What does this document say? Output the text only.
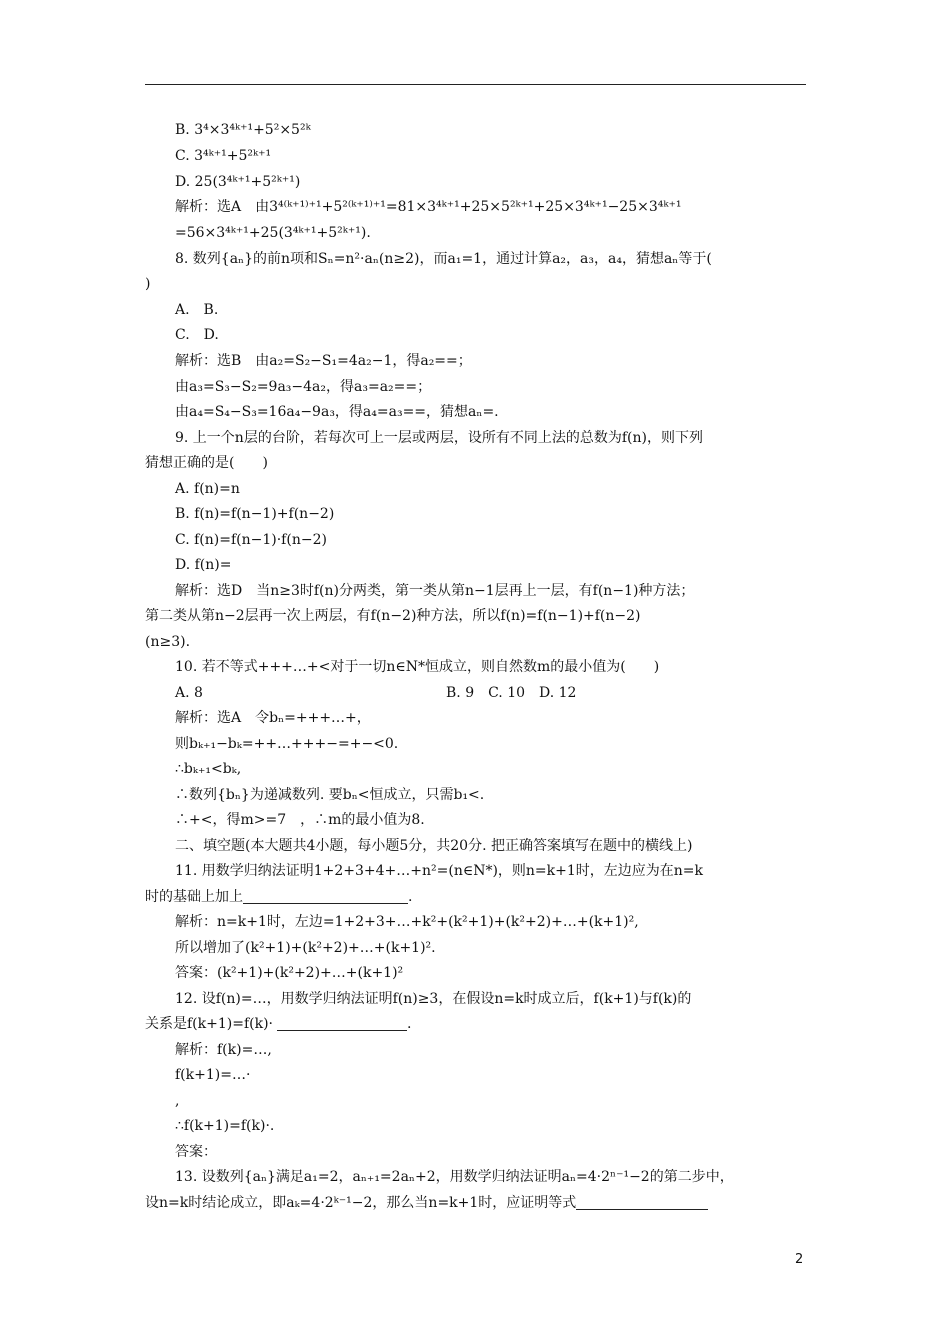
B. 3⁴×3⁴ᵏ⁺¹+5²×5²ᵏ
C. 3⁴ᵏ⁺¹+5²ᵏ⁺¹
D. 25(3⁴ᵏ⁺¹+5²ᵏ⁺¹)
解析：选A　由3⁴⁽ᵏ⁺¹⁾⁺¹+5²⁽ᵏ⁺¹⁾⁺¹=81×3⁴ᵏ⁺¹+25×5²ᵏ⁺¹+25×3⁴ᵏ⁺¹−25×3⁴ᵏ⁺¹
=56×3⁴ᵏ⁺¹+25(3⁴ᵏ⁺¹+5²ᵏ⁺¹).
8. 数列{aₙ}的前n项和Sₙ=n²·aₙ(n≥2)，而a₁=1，通过计算a₂，a₃，a₄，猜想aₙ等于(
)
A.　B.
C.　D.
解析：选B　由a₂=S₂−S₁=4a₂−1，得a₂==；
由a₃=S₃−S₂=9a₃−4a₂，得a₃=a₂==；
由a₄=S₄−S₃=16a₄−9a₃，得a₄=a₃==，猜想aₙ=.
9. 上一个n层的台阶，若每次可上一层或两层，设所有不同上法的总数为f(n)，则下列
猜想正确的是(　　)
A. f(n)=n
B. f(n)=f(n−1)+f(n−2)
C. f(n)=f(n−1)·f(n−2)
D. f(n)=
解析：选D　当n≥3时f(n)分两类，第一类从第n−1层再上一层，有f(n−1)种方法；
第二类从第n−2层再一次上两层，有f(n−2)种方法，所以f(n)=f(n−1)+f(n−2)
(n≥3).
10. 若不等式+++…+<对于一切n∈N*恒成立，则自然数m的最小值为(　　)
A. 8	B. 9　C. 10　D. 12
解析：选A　令bₙ=+++…+，
则bₖ₊₁−bₖ=++…+++−=+−<0.
∴bₖ₊₁<bₖ,
∴数列{bₙ}为递减数列. 要bₙ<恒成立，只需b₁<.
∴+<，得m>=7　，∴m的最小值为8.
二、填空题(本大题共4小题，每小题5分，共20分. 把正确答案填写在题中的横线上)
11. 用数学归纳法证明1+2+3+4+…+n²=(n∈N*)，则n=k+1时，左边应为在n=k
时的基础上加上	.
解析：n=k+1时，左边=1+2+3+…+k²+(k²+1)+(k²+2)+…+(k+1)²,
所以增加了(k²+1)+(k²+2)+…+(k+1)².
答案：(k²+1)+(k²+2)+…+(k+1)²
12. 设f(n)=…，用数学归纳法证明f(n)≥3，在假设n=k时成立后，f(k+1)与f(k)的
关系是f(k+1)=f(k)·	.
解析：f(k)=…,
f(k+1)=…·
,
∴f(k+1)=f(k)·.
答案：
13. 设数列{aₙ}满足a₁=2，aₙ₊₁=2aₙ+2，用数学归纳法证明aₙ=4·2ⁿ⁻¹−2的第二步中，
设n=k时结论成立，即aₖ=4·2ᵏ⁻¹−2，那么当n=k+1时，应证明等式
2
